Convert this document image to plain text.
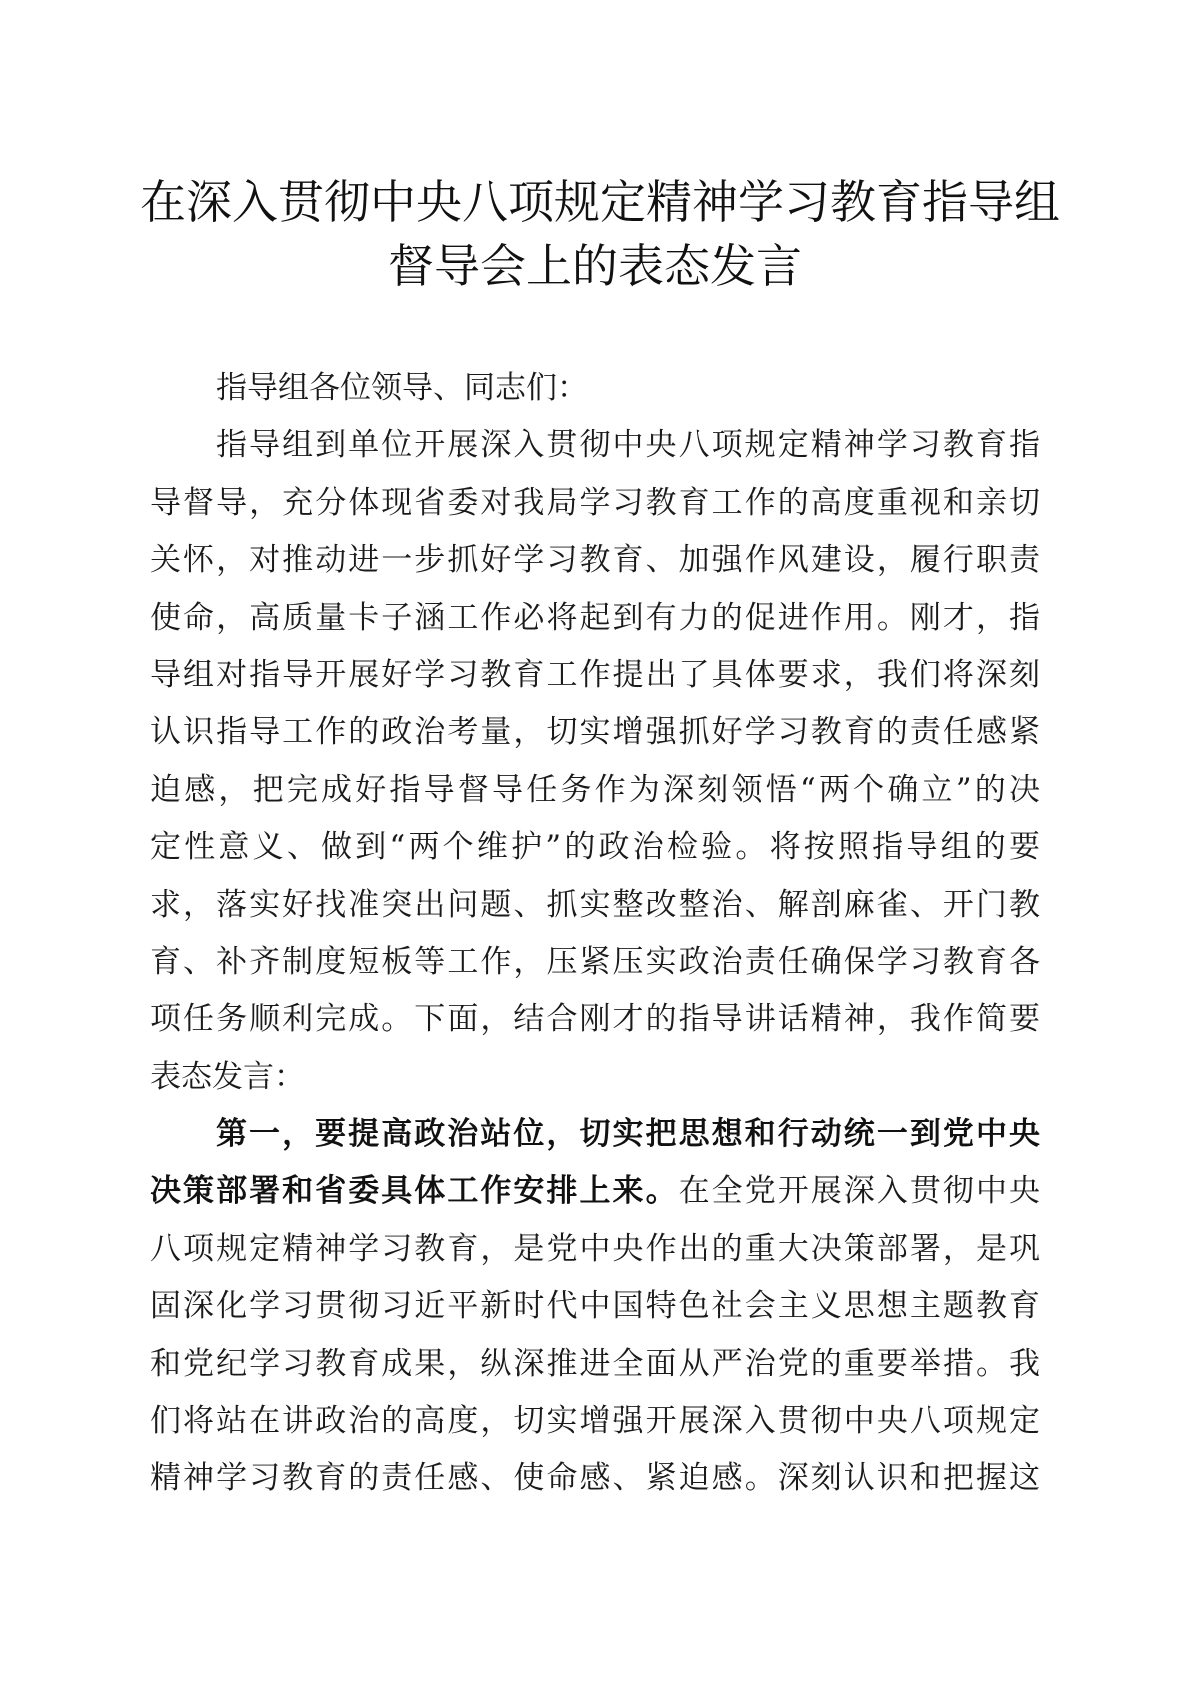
在深入贯彻中央八项规定精神学习教育指导组
督导会上的表态发言
指导组各位领导、同志们：
指导组到单位开展深入贯彻中央八项规定精神学习教育指
导督导，充分体现省委对我局学习教育工作的高度重视和亲切
关怀，对推动进一步抓好学习教育、加强作风建设，履行职责
使命，高质量卡子涵工作必将起到有力的促进作用。刚才，指
导组对指导开展好学习教育工作提出了具体要求，我们将深刻
认识指导工作的政治考量，切实增强抓好学习教育的责任感紧
迫感，把完成好指导督导任务作为深刻领悟“两个确立”的决
定性意义、做到“两个维护”的政治检验。将按照指导组的要
求，落实好找准突出问题、抓实整改整治、解剖麻雀、开门教
育、补齐制度短板等工作，压紧压实政治责任确保学习教育各
项任务顺利完成。下面，结合刚才的指导讲话精神，我作简要
表态发言：
第一，要提高政治站位，切实把思想和行动统一到党中央
决策部署和省委具体工作安排上来。在全党开展深入贯彻中央
八项规定精神学习教育，是党中央作出的重大决策部署，是巩
固深化学习贯彻习近平新时代中国特色社会主义思想主题教育
和党纪学习教育成果，纵深推进全面从严治党的重要举措。我
们将站在讲政治的高度，切实增强开展深入贯彻中央八项规定
精神学习教育的责任感、使命感、紧迫感。深刻认识和把握这
